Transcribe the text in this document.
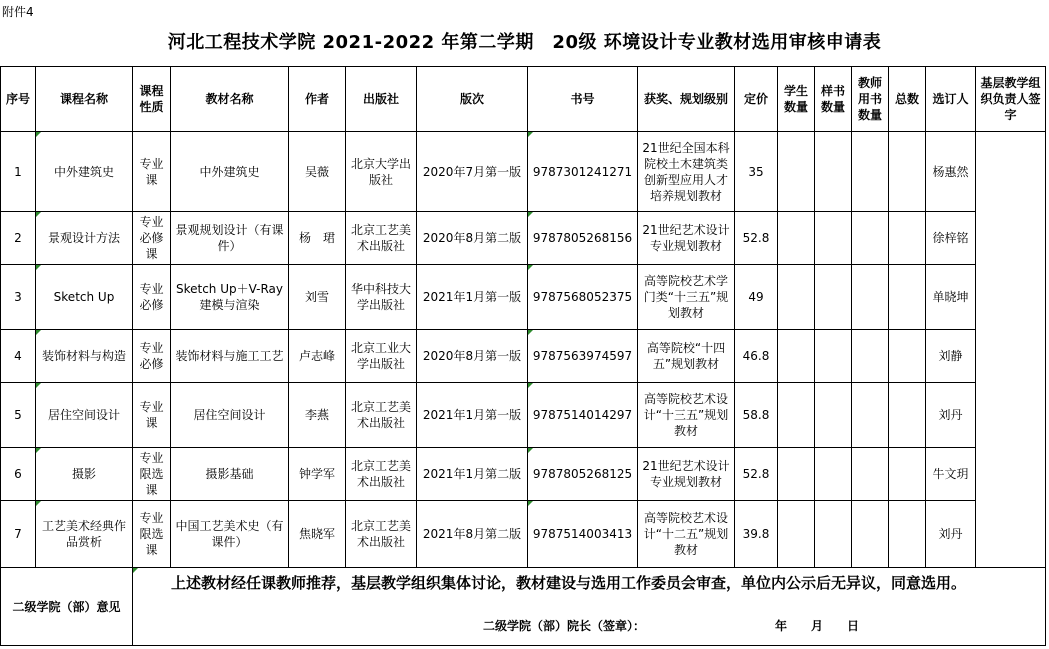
附件4
河北工程技术学院 2021-2022 年第二学期　20级 环境设计专业教材选用审核申请表
序号	课程名称	课程性质	教材名称	作者	出版社	版次	书号	获奖、规划级别	定价	学生数量	样书数量	教师用书数量	总数	选订人	基层教学组织负责人签字
1	中外建筑史	专业课	中外建筑史	吴薇	北京大学出版社	2020年7月第一版	9787301241271	21世纪全国本科院校土木建筑类创新型应用人才培养规划教材	35					杨惠然	
2	景观设计方法	专业必修课	景观规划设计（有课件）	杨　珺	北京工艺美术出版社	2020年8月第二版	9787805268156	21世纪艺术设计专业规划教材	52.8					徐梓铭	
3	Sketch Up	专业必修	Sketch Up＋V-Ray建模与渲染	刘雪	华中科技大学出版社	2021年1月第一版	9787568052375	高等院校艺术学门类“十三五”规划教材	49					单晓坤	
4	装饰材料与构造	专业必修	装饰材料与施工工艺	卢志峰	北京工业大学出版社	2020年8月第一版	9787563974597	高等院校“十四五”规划教材	46.8					刘静	
5	居住空间设计	专业课	居住空间设计	李燕	北京工艺美术出版社	2021年1月第一版	9787514014297	高等院校艺术设计“十三五”规划教材	58.8					刘丹	
6	摄影	专业限选课	摄影基础	钟学军	北京工艺美术出版社	2021年1月第二版	9787805268125	21世纪艺术设计专业规划教材	52.8					牛文玥	
7	工艺美术经典作品赏析	专业限选课	中国工艺美术史（有课件）	焦晓军	北京工艺美术出版社	2021年8月第二版	9787514003413	高等院校艺术设计“十二五”规划教材	39.8					刘丹	
二级学院（部）意见		上述教材经任课教师推荐，基层教学组织集体讨论，教材建设与选用工作委员会审查，单位内公示后无异议，同意选用。
二级学院（部）院长（签章）： 年　　月　　日													
